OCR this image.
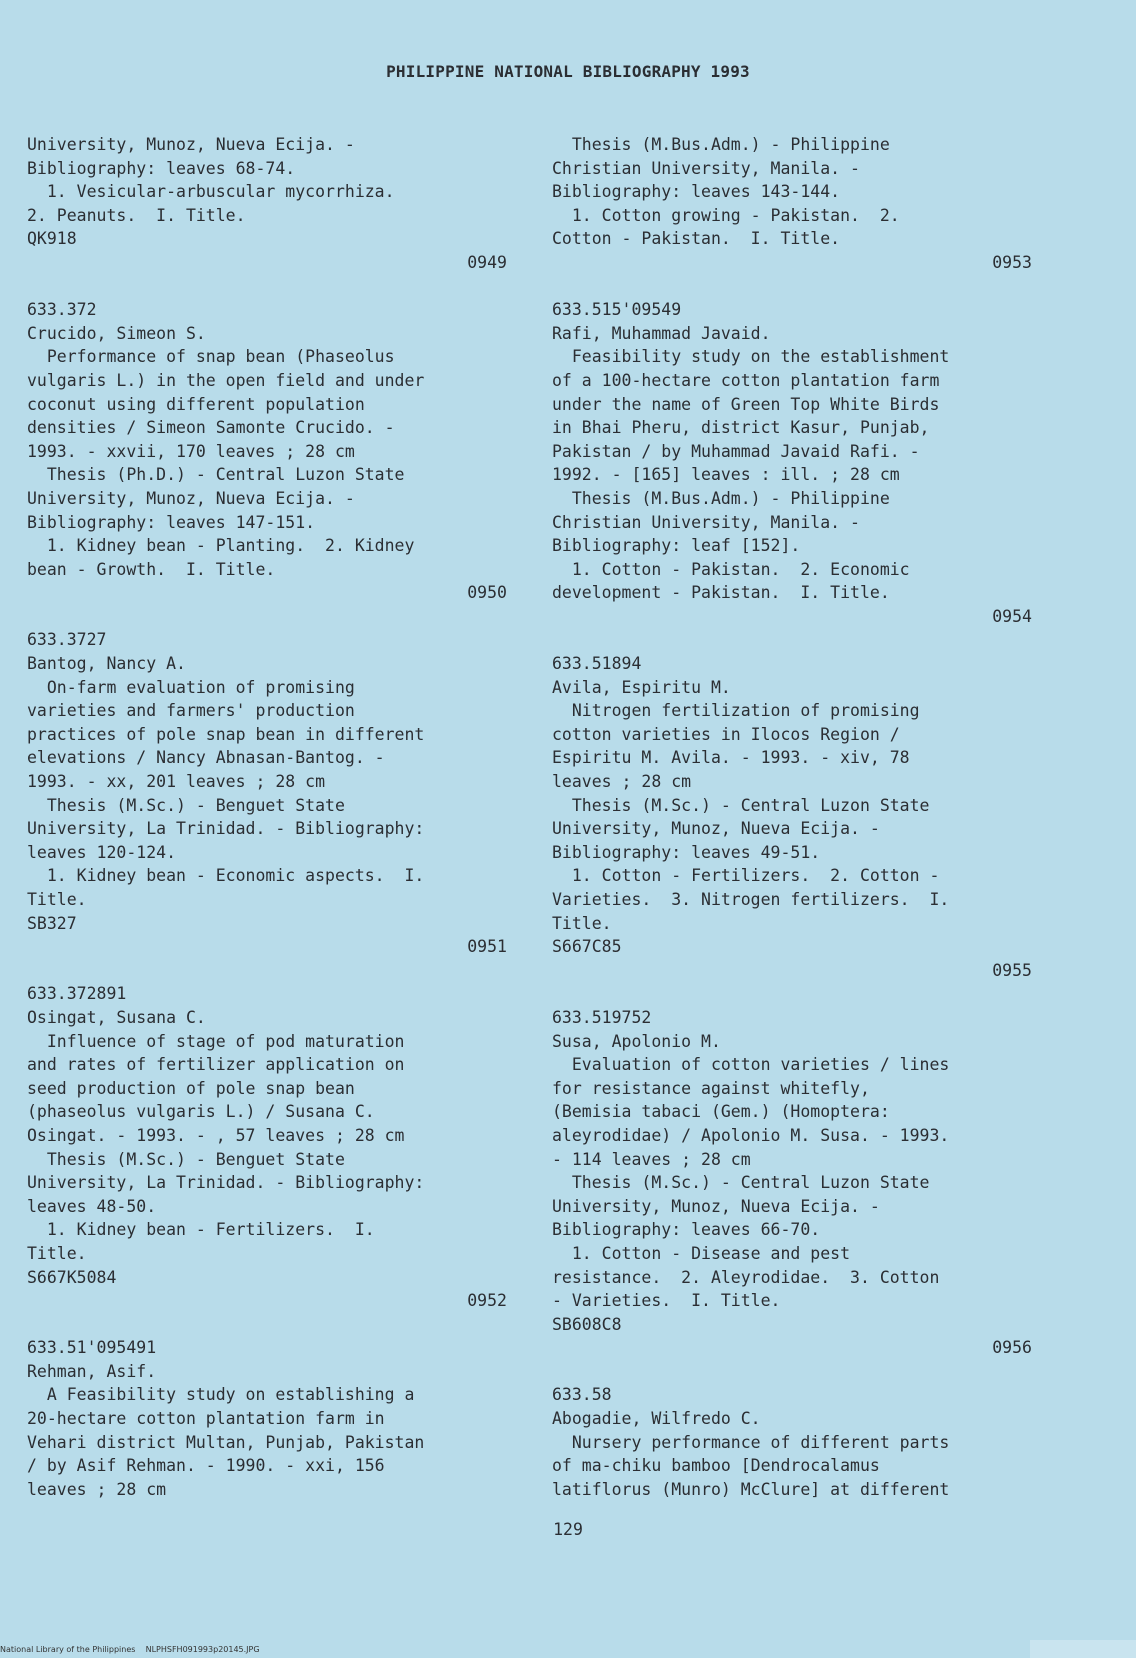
PHILIPPINE NATIONAL BIBLIOGRAPHY 1993
University, Munoz, Nueva Ecija. -
Bibliography: leaves 68-74.
1. Vesicular-arbuscular mycorrhiza.
2. Peanuts.  I. Title.
QK918
0949
633.372
Crucido, Simeon S.
Performance of snap bean (Phaseolus
vulgaris L.) in the open field and under
coconut using different population
densities / Simeon Samonte Crucido. -
1993. - xxvii, 170 leaves ; 28 cm
Thesis (Ph.D.) - Central Luzon State
University, Munoz, Nueva Ecija. -
Bibliography: leaves 147-151.
1. Kidney bean - Planting.  2. Kidney
bean - Growth.  I. Title.
0950
633.3727
Bantog, Nancy A.
On-farm evaluation of promising
varieties and farmers' production
practices of pole snap bean in different
elevations / Nancy Abnasan-Bantog. -
1993. - xx, 201 leaves ; 28 cm
Thesis (M.Sc.) - Benguet State
University, La Trinidad. - Bibliography:
leaves 120-124.
1. Kidney bean - Economic aspects.  I.
Title.
SB327
0951
633.372891
Osingat, Susana C.
Influence of stage of pod maturation
and rates of fertilizer application on
seed production of pole snap bean
(phaseolus vulgaris L.) / Susana C.
Osingat. - 1993. - , 57 leaves ; 28 cm
Thesis (M.Sc.) - Benguet State
University, La Trinidad. - Bibliography:
leaves 48-50.
1. Kidney bean - Fertilizers.  I.
Title.
S667K5084
0952
633.51'095491
Rehman, Asif.
A Feasibility study on establishing a
20-hectare cotton plantation farm in
Vehari district Multan, Punjab, Pakistan
/ by Asif Rehman. - 1990. - xxi, 156
leaves ; 28 cm
Thesis (M.Bus.Adm.) - Philippine
Christian University, Manila. -
Bibliography: leaves 143-144.
1. Cotton growing - Pakistan.  2.
Cotton - Pakistan.  I. Title.
0953
633.515'09549
Rafi, Muhammad Javaid.
Feasibility study on the establishment
of a 100-hectare cotton plantation farm
under the name of Green Top White Birds
in Bhai Pheru, district Kasur, Punjab,
Pakistan / by Muhammad Javaid Rafi. -
1992. - [165] leaves : ill. ; 28 cm
Thesis (M.Bus.Adm.) - Philippine
Christian University, Manila. -
Bibliography: leaf [152].
1. Cotton - Pakistan.  2. Economic
development - Pakistan.  I. Title.
0954
633.51894
Avila, Espiritu M.
Nitrogen fertilization of promising
cotton varieties in Ilocos Region /
Espiritu M. Avila. - 1993. - xiv, 78
leaves ; 28 cm
Thesis (M.Sc.) - Central Luzon State
University, Munoz, Nueva Ecija. -
Bibliography: leaves 49-51.
1. Cotton - Fertilizers.  2. Cotton -
Varieties.  3. Nitrogen fertilizers.  I.
Title.
S667C85
0955
633.519752
Susa, Apolonio M.
Evaluation of cotton varieties / lines
for resistance against whitefly,
(Bemisia tabaci (Gem.) (Homoptera:
aleyrodidae) / Apolonio M. Susa. - 1993.
- 114 leaves ; 28 cm
Thesis (M.Sc.) - Central Luzon State
University, Munoz, Nueva Ecija. -
Bibliography: leaves 66-70.
1. Cotton - Disease and pest
resistance.  2. Aleyrodidae.  3. Cotton
- Varieties.  I. Title.
SB608C8
0956
633.58
Abogadie, Wilfredo C.
Nursery performance of different parts
of ma-chiku bamboo [Dendrocalamus
latiflorus (Munro) McClure] at different
129
National Library of the Philippines    NLPHSFH091993p20145.JPG
